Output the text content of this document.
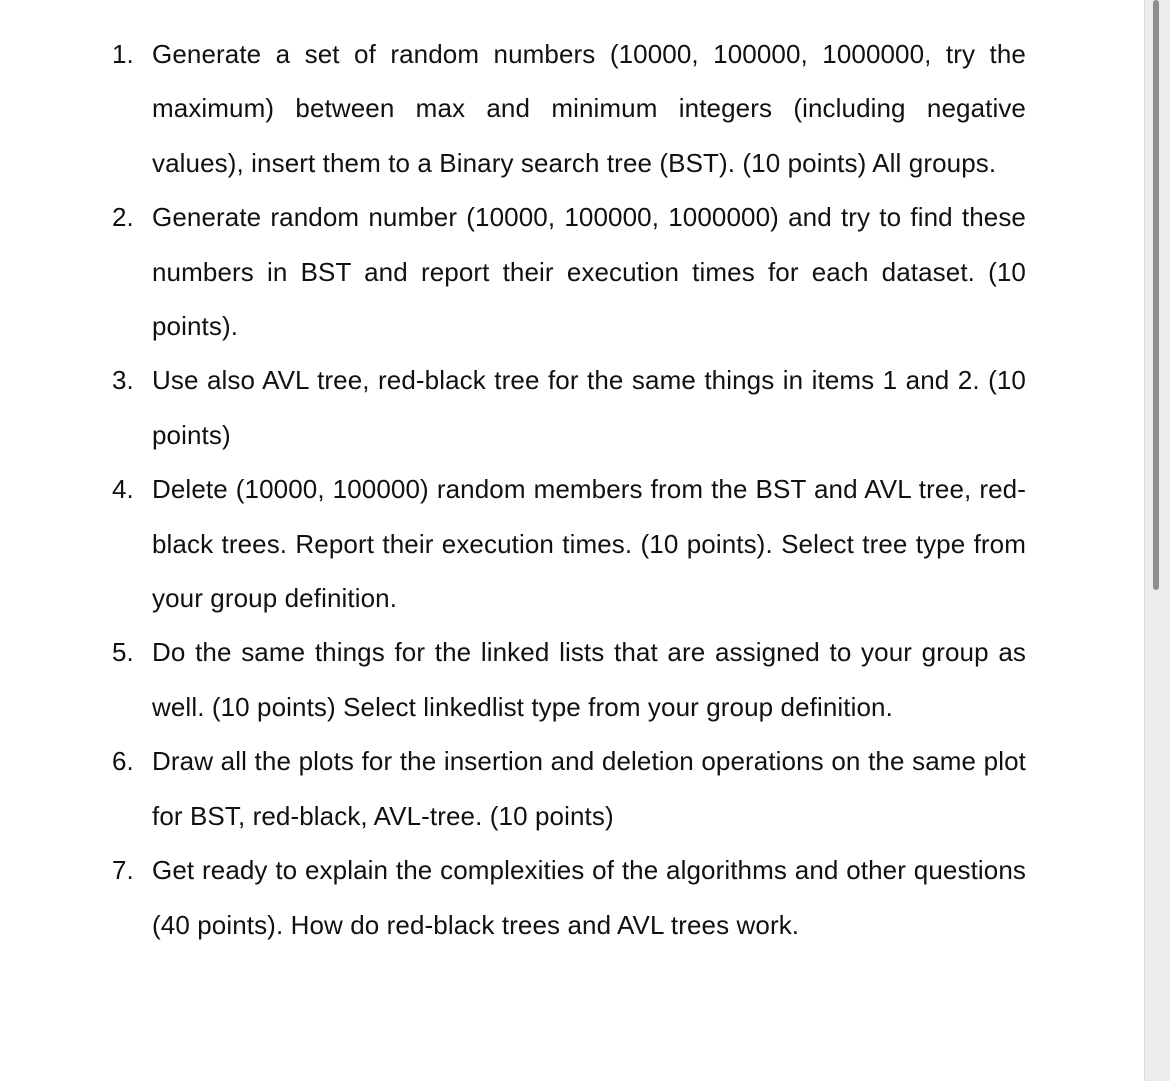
1. Generate a set of random numbers (10000, 100000, 1000000, try the maximum) between max and minimum integers (including negative values), insert them to a Binary search tree (BST). (10 points) All groups.
2. Generate random number (10000, 100000, 1000000) and try to find these numbers in BST and report their execution times for each dataset. (10 points).
3. Use also AVL tree, red-black tree for the same things in items 1 and 2. (10 points)
4. Delete (10000, 100000) random members from the BST and AVL tree, red-black trees. Report their execution times. (10 points). Select tree type from your group definition.
5. Do the same things for the linked lists that are assigned to your group as well. (10 points) Select linkedlist type from your group definition.
6. Draw all the plots for the insertion and deletion operations on the same plot for BST, red-black, AVL-tree. (10 points)
7. Get ready to explain the complexities of the algorithms and other questions (40 points). How do red-black trees and AVL trees work.
